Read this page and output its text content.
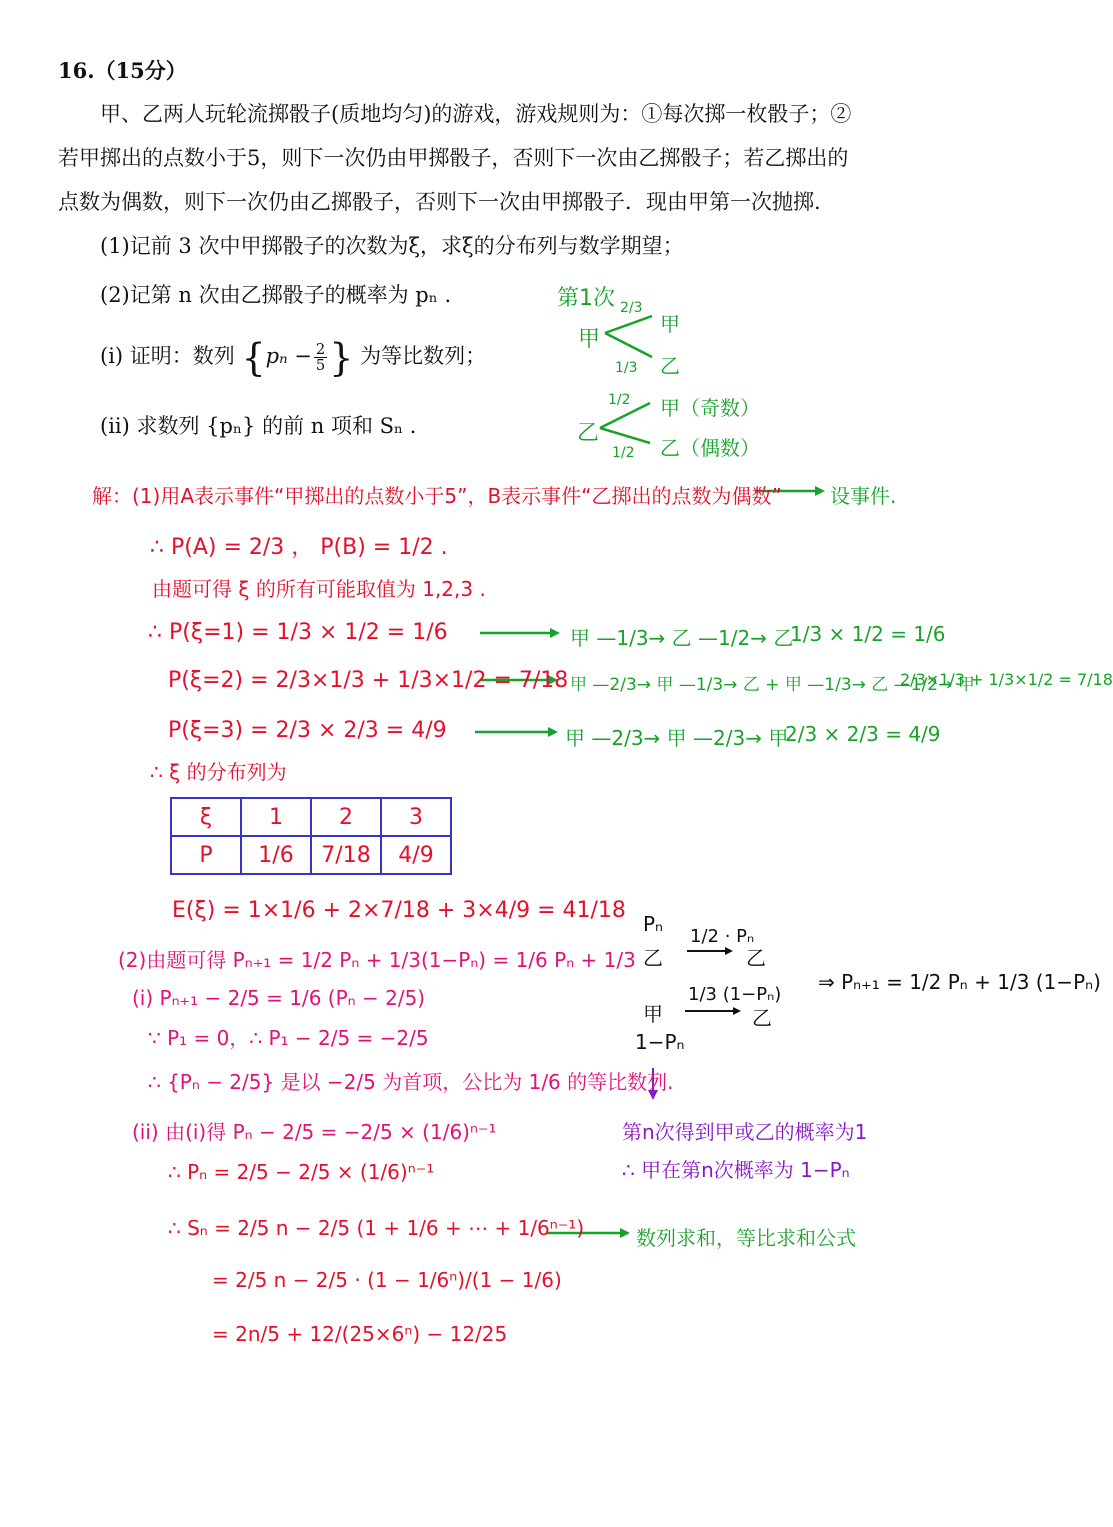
16.（15分）
甲、乙两人玩轮流掷骰子(质地均匀)的游戏，游戏规则为：①每次掷一枚骰子；②
若甲掷出的点数小于5，则下一次仍由甲掷骰子，否则下一次由乙掷骰子；若乙掷出的
点数为偶数，则下一次仍由乙掷骰子，否则下一次由甲掷骰子．现由甲第一次抛掷.
(1)记前 3 次中甲掷骰子的次数为ξ，求ξ的分布列与数学期望；
(2)记第 n 次由乙掷骰子的概率为 pₙ .
(i) 证明：数列 {$p_n - \frac{2}{5}$ } 为等比数列；
(ii) 求数列 {pₙ} 的前 n 项和 Sₙ .
第1次
甲
2/3
1/3
甲
乙
乙
1/2
1/2
甲（奇数）
乙（偶数）
解：(1)用A表示事件“甲掷出的点数小于5”，B表示事件“乙掷出的点数为偶数” 设事件.
∴ P(A) = 2/3 ， P(B) = 1/2 .
由题可得 ξ 的所有可能取值为 1,2,3 .
∴ P(ξ=1) = 1/3 × 1/2 = 1/6
P(ξ=2) = 2/3×1/3 + 1/3×1/2 = 7/18
P(ξ=3) = 2/3 × 2/3 = 4/9
∴ ξ 的分布列为
甲 —1/3→ 乙 —1/2→ 乙
1/3 × 1/2 = 1/6
甲 —2/3→ 甲 —1/3→ 乙 + 甲 —1/3→ 乙 —1/2→ 甲
2/3×1/3 + 1/3×1/2 = 7/18
甲 —2/3→ 甲 —2/3→ 甲
2/3 × 2/3 = 4/9
ξ	1	2	3
P	1/6	7/18	4/9
E(ξ) = 1×1/6 + 2×7/18 + 3×4/9 = 41/18
(2)由题可得 Pₙ₊₁ = 1/2 Pₙ + 1/3(1−Pₙ) = 1/6 Pₙ + 1/3
(i) Pₙ₊₁ − 2/5 = 1/6 (Pₙ − 2/5)
∵ P₁ = 0，∴ P₁ − 2/5 = −2/5
∴ {Pₙ − 2/5} 是以 −2/5 为首项，公比为 1/6 的等比数列.
(ii) 由(i)得 Pₙ − 2/5 = −2/5 × (1/6)ⁿ⁻¹
∴ Pₙ = 2/5 − 2/5 × (1/6)ⁿ⁻¹
∴ Sₙ = 2/5 n − 2/5 (1 + 1/6 + ⋯ + 1/6ⁿ⁻¹)
= 2/5 n − 2/5 · (1 − 1/6ⁿ)/(1 − 1/6)
= 2n/5 + 12/(25×6ⁿ) − 12/25
数列求和，等比求和公式
Pₙ
乙
1/2 · Pₙ
乙
甲
1−Pₙ
1/3 (1−Pₙ)
乙
⇒ Pₙ₊₁ = 1/2 Pₙ + 1/3 (1−Pₙ)
第n次得到甲或乙的概率为1
∴ 甲在第n次概率为 1−Pₙ
